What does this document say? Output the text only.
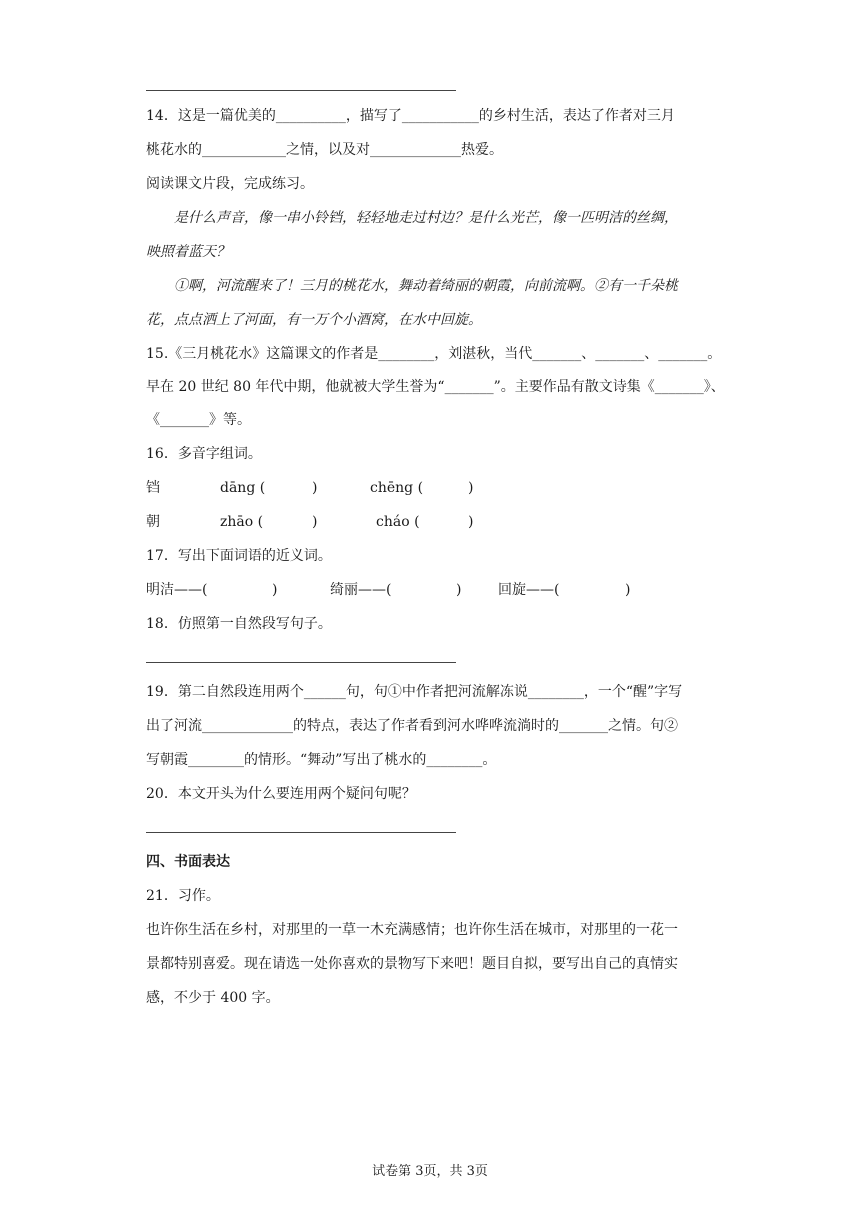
14．这是一篇优美的__________，描写了___________的乡村生活，表达了作者对三月
桃花水的____________之情，以及对_____________热爱。
阅读课文片段，完成练习。
是什么声音，像一串小铃铛，轻轻地走过村边？是什么光芒，像一匹明洁的丝绸，
映照着蓝天？
①啊，河流醒来了！三月的桃花水，舞动着绮丽的朝霞，向前流啊。②有一千朵桃
花，点点洒上了河面，有一万个小酒窝，在水中回旋。
15.《三月桃花水》这篇课文的作者是________，刘湛秋，当代_______、_______、_______。
早在 20 世纪 80 年代中期，他就被大学生誉为“_______”。主要作品有散文诗集《_______》、
《_______》等。
16．多音字组词。
铛	dāng (	)	chēng (	)
朝	zhāo (	)	cháo (	)
17．写出下面词语的近义词。
明洁——(	)	绮丽——(	)	回旋——(	)
18．仿照第一自然段写句子。
19．第二自然段连用两个______句，句①中作者把河流解冻说________，一个“醒”字写
出了河流_____________的特点，表达了作者看到河水哗哗流淌时的_______之情。句②
写朝霞________的情形。“舞动”写出了桃水的________。
20．本文开头为什么要连用两个疑问句呢？
四、书面表达
21．习作。
也许你生活在乡村，对那里的一草一木充满感情；也许你生活在城市，对那里的一花一
景都特别喜爱。现在请选一处你喜欢的景物写下来吧！题目自拟，要写出自己的真情实
感，不少于 400 字。
试卷第 3页，共 3页
